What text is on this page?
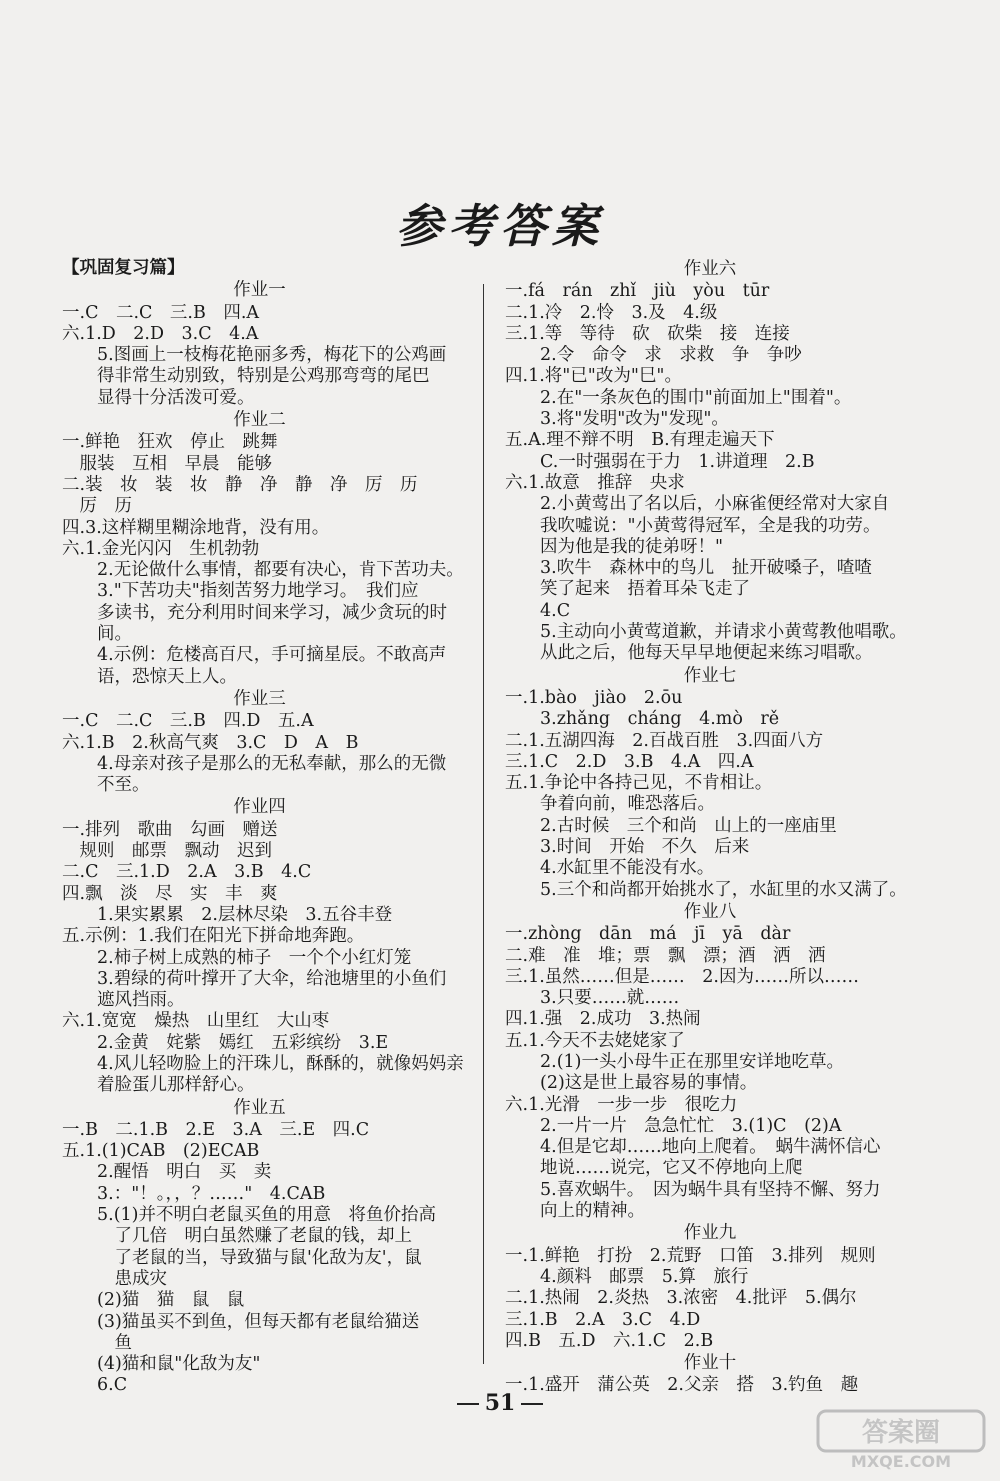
参考答案
【巩固复习篇】
作业一
一.C　二.C　三.B　四.A
六.1.D　2.D　3.C　4.A
　　5.图画上一枝梅花艳丽多秀，梅花下的公鸡画
　　得非常生动别致，特别是公鸡那弯弯的尾巴
　　显得十分活泼可爱。
作业二
一.鲜艳　狂欢　停止　跳舞
　服装　互相　早晨　能够
二.装　妆　装　妆　静　净　静　净　厉　历
　厉　历
四.3.这样糊里糊涂地背，没有用。
六.1.金光闪闪　生机勃勃
　　2.无论做什么事情，都要有决心，肯下苦功夫。
　　3."下苦功夫"指刻苦努力地学习。　我们应
　　多读书，充分利用时间来学习，减少贪玩的时
　　间。
　　4.示例：危楼高百尺，手可摘星辰。不敢高声
　　语，恐惊天上人。
作业三
一.C　二.C　三.B　四.D　五.A
六.1.B　2.秋高气爽　3.C　D　A　B
　　4.母亲对孩子是那么的无私奉献，那么的无微
　　不至。
作业四
一.排列　歌曲　勾画　赠送
　规则　邮票　飘动　迟到
二.C　三.1.D　2.A　3.B　4.C
四.飘　淡　尽　实　丰　爽
　　1.果实累累　2.层林尽染　3.五谷丰登
五.示例：1.我们在阳光下拼命地奔跑。
　　2.柿子树上成熟的柿子　一个个小红灯笼
　　3.碧绿的荷叶撑开了大伞，给池塘里的小鱼们
　　遮风挡雨。
六.1.宽宽　燥热　山里红　大山枣
　　2.金黄　姹紫　嫣红　五彩缤纷　3.E
　　4.风儿轻吻脸上的汗珠儿，酥酥的，就像妈妈亲
　　着脸蛋儿那样舒心。
作业五
一.B　二.1.B　2.E　3.A　三.E　四.C
五.1.(1)CAB　(2)ECAB
　　2.醒悟　明白　买　卖
　　3.："！。，，？……"　4.CAB
　　5.(1)并不明白老鼠买鱼的用意　将鱼价抬高
　　　了几倍　明白虽然赚了老鼠的钱，却上
　　　了老鼠的当，导致猫与鼠'化敌为友'，鼠
　　　患成灾
　　(2)猫　猫　鼠　鼠
　　(3)猫虽买不到鱼，但每天都有老鼠给猫送
　　　鱼
　　(4)猫和鼠"化敌为友"
　　6.C
作业六
一.fá　rán　zhǐ　jiù　yòu　tūr
二.1.冷　2.怜　3.及　4.级
三.1.等　等待　砍　砍柴　接　连接
　　2.令　命令　求　求救　争　争吵
四.1.将"已"改为"巳"。
　　2.在"一条灰色的围巾"前面加上"围着"。
　　3.将"发明"改为"发现"。
五.A.理不辩不明　B.有理走遍天下
　　C.一时强弱在于力　1.讲道理　2.B
六.1.故意　推辞　央求
　　2.小黄莺出了名以后，小麻雀便经常对大家自
　　我吹嘘说："小黄莺得冠军，全是我的功劳。
　　因为他是我的徒弟呀！"
　　3.吹牛　森林中的鸟儿　扯开破嗓子，喳喳
　　笑了起来　捂着耳朵飞走了
　　4.C
　　5.主动向小黄莺道歉，并请求小黄莺教他唱歌。
　　从此之后，他每天早早地便起来练习唱歌。
作业七
一.1.bào　jiào　2.ōu
　　3.zhǎng　cháng　4.mò　rě
二.1.五湖四海　2.百战百胜　3.四面八方
三.1.C　2.D　3.B　4.A　四.A
五.1.争论中各持己见，不肯相让。
　　争着向前，唯恐落后。
　　2.古时候　三个和尚　山上的一座庙里
　　3.时间　开始　不久　后来
　　4.水缸里不能没有水。
　　5.三个和尚都开始挑水了，水缸里的水又满了。
作业八
一.zhòng　dān　má　jī　yā　dàr
二.难　准　堆；票　飘　漂；酒　洒　洒
三.1.虽然……但是……　2.因为……所以……
　　3.只要……就……
四.1.强　2.成功　3.热闹
五.1.今天不去姥姥家了
　　2.(1)一头小母牛正在那里安详地吃草。
　　(2)这是世上最容易的事情。
六.1.光滑　一步一步　很吃力
　　2.一片一片　急急忙忙　3.(1)C　(2)A
　　4.但是它却……地向上爬着。　蜗牛满怀信心
　　地说……说完，它又不停地向上爬
　　5.喜欢蜗牛。　因为蜗牛具有坚持不懈、努力
　　向上的精神。
作业九
一.1.鲜艳　打扮　2.荒野　口笛　3.排列　规则
　　4.颜料　邮票　5.算　旅行
二.1.热闹　2.炎热　3.浓密　4.批评　5.偶尔
三.1.B　2.A　3.C　4.D
四.B　五.D　六.1.C　2.B
作业十
一.1.盛开　蒲公英　2.父亲　搭　3.钓鱼　趣
51
答案圈
MXQE.COM
